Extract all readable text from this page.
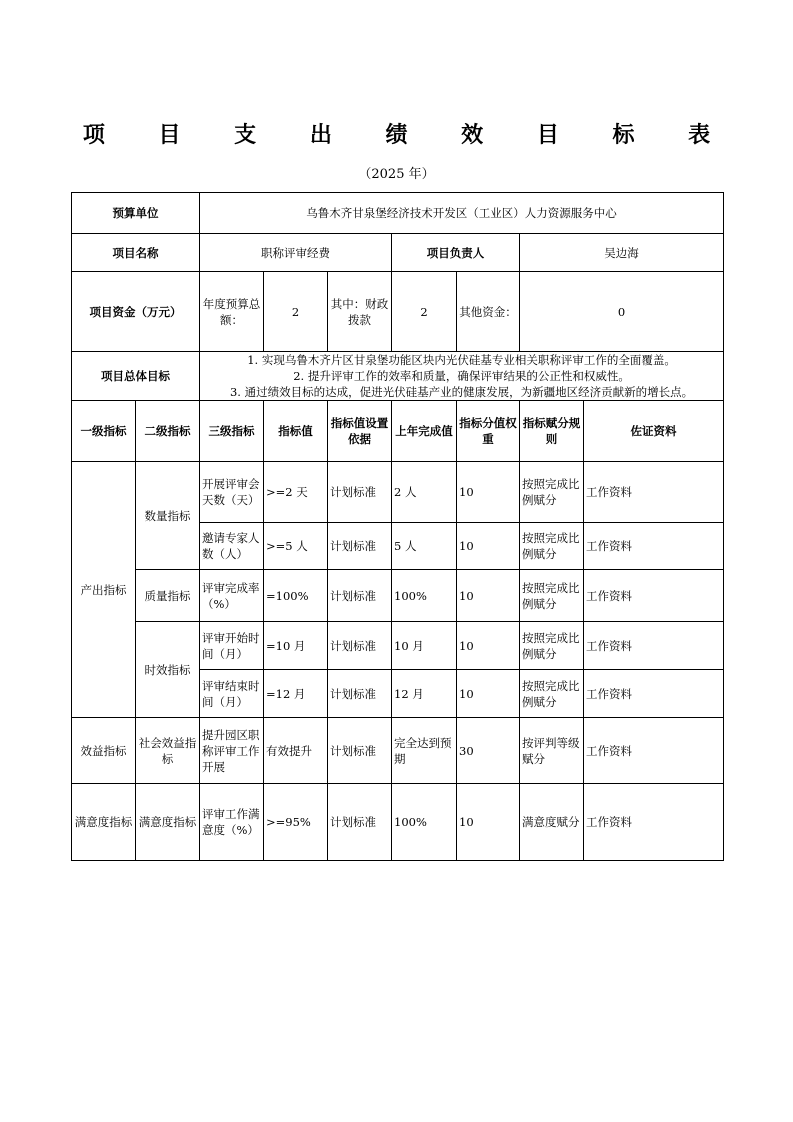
项 目 支 出 绩 效 目 标 表
（2025 年）
预算单位		乌鲁木齐甘泉堡经济技术开发区（工业区）人力资源服务中心						
项目名称		职称评审经费			项目负责人		吴边海	
项目资金（万元）		年度预算总额：	2	其中：财政拨款	2	其他资金：	0	
项目总体目标		1. 实现乌鲁木齐片区甘泉堡功能区块内光伏硅基专业相关职称评审工作的全面覆盖。
2. 提升评审工作的效率和质量，确保评审结果的公正性和权威性。
3. 通过绩效目标的达成，促进光伏硅基产业的健康发展，为新疆地区经济贡献新的增长点。						

一级指标	二级指标	三级指标	指标值	指标值设置依据	上年完成值	指标分值权重	指标赋分规则	佐证资料
产出指标	数量指标	开展评审会天数（天）	>=2 天	计划标准	2 人	10	按照完成比例赋分	工作资料
		邀请专家人数（人）	>=5 人	计划标准	5 人	10	按照完成比例赋分	工作资料
	质量指标	评审完成率（%）	=100%	计划标准	100%	10	按照完成比例赋分	工作资料
	时效指标	评审开始时间（月）	=10 月	计划标准	10 月	10	按照完成比例赋分	工作资料
		评审结束时间（月）	=12 月	计划标准	12 月	10	按照完成比例赋分	工作资料
效益指标	社会效益指标	提升园区职称评审工作开展	有效提升	计划标准	完全达到预期	30	按评判等级赋分	工作资料
满意度指标	满意度指标	评审工作满意度（%）	>=95%	计划标准	100%	10	满意度赋分	工作资料
